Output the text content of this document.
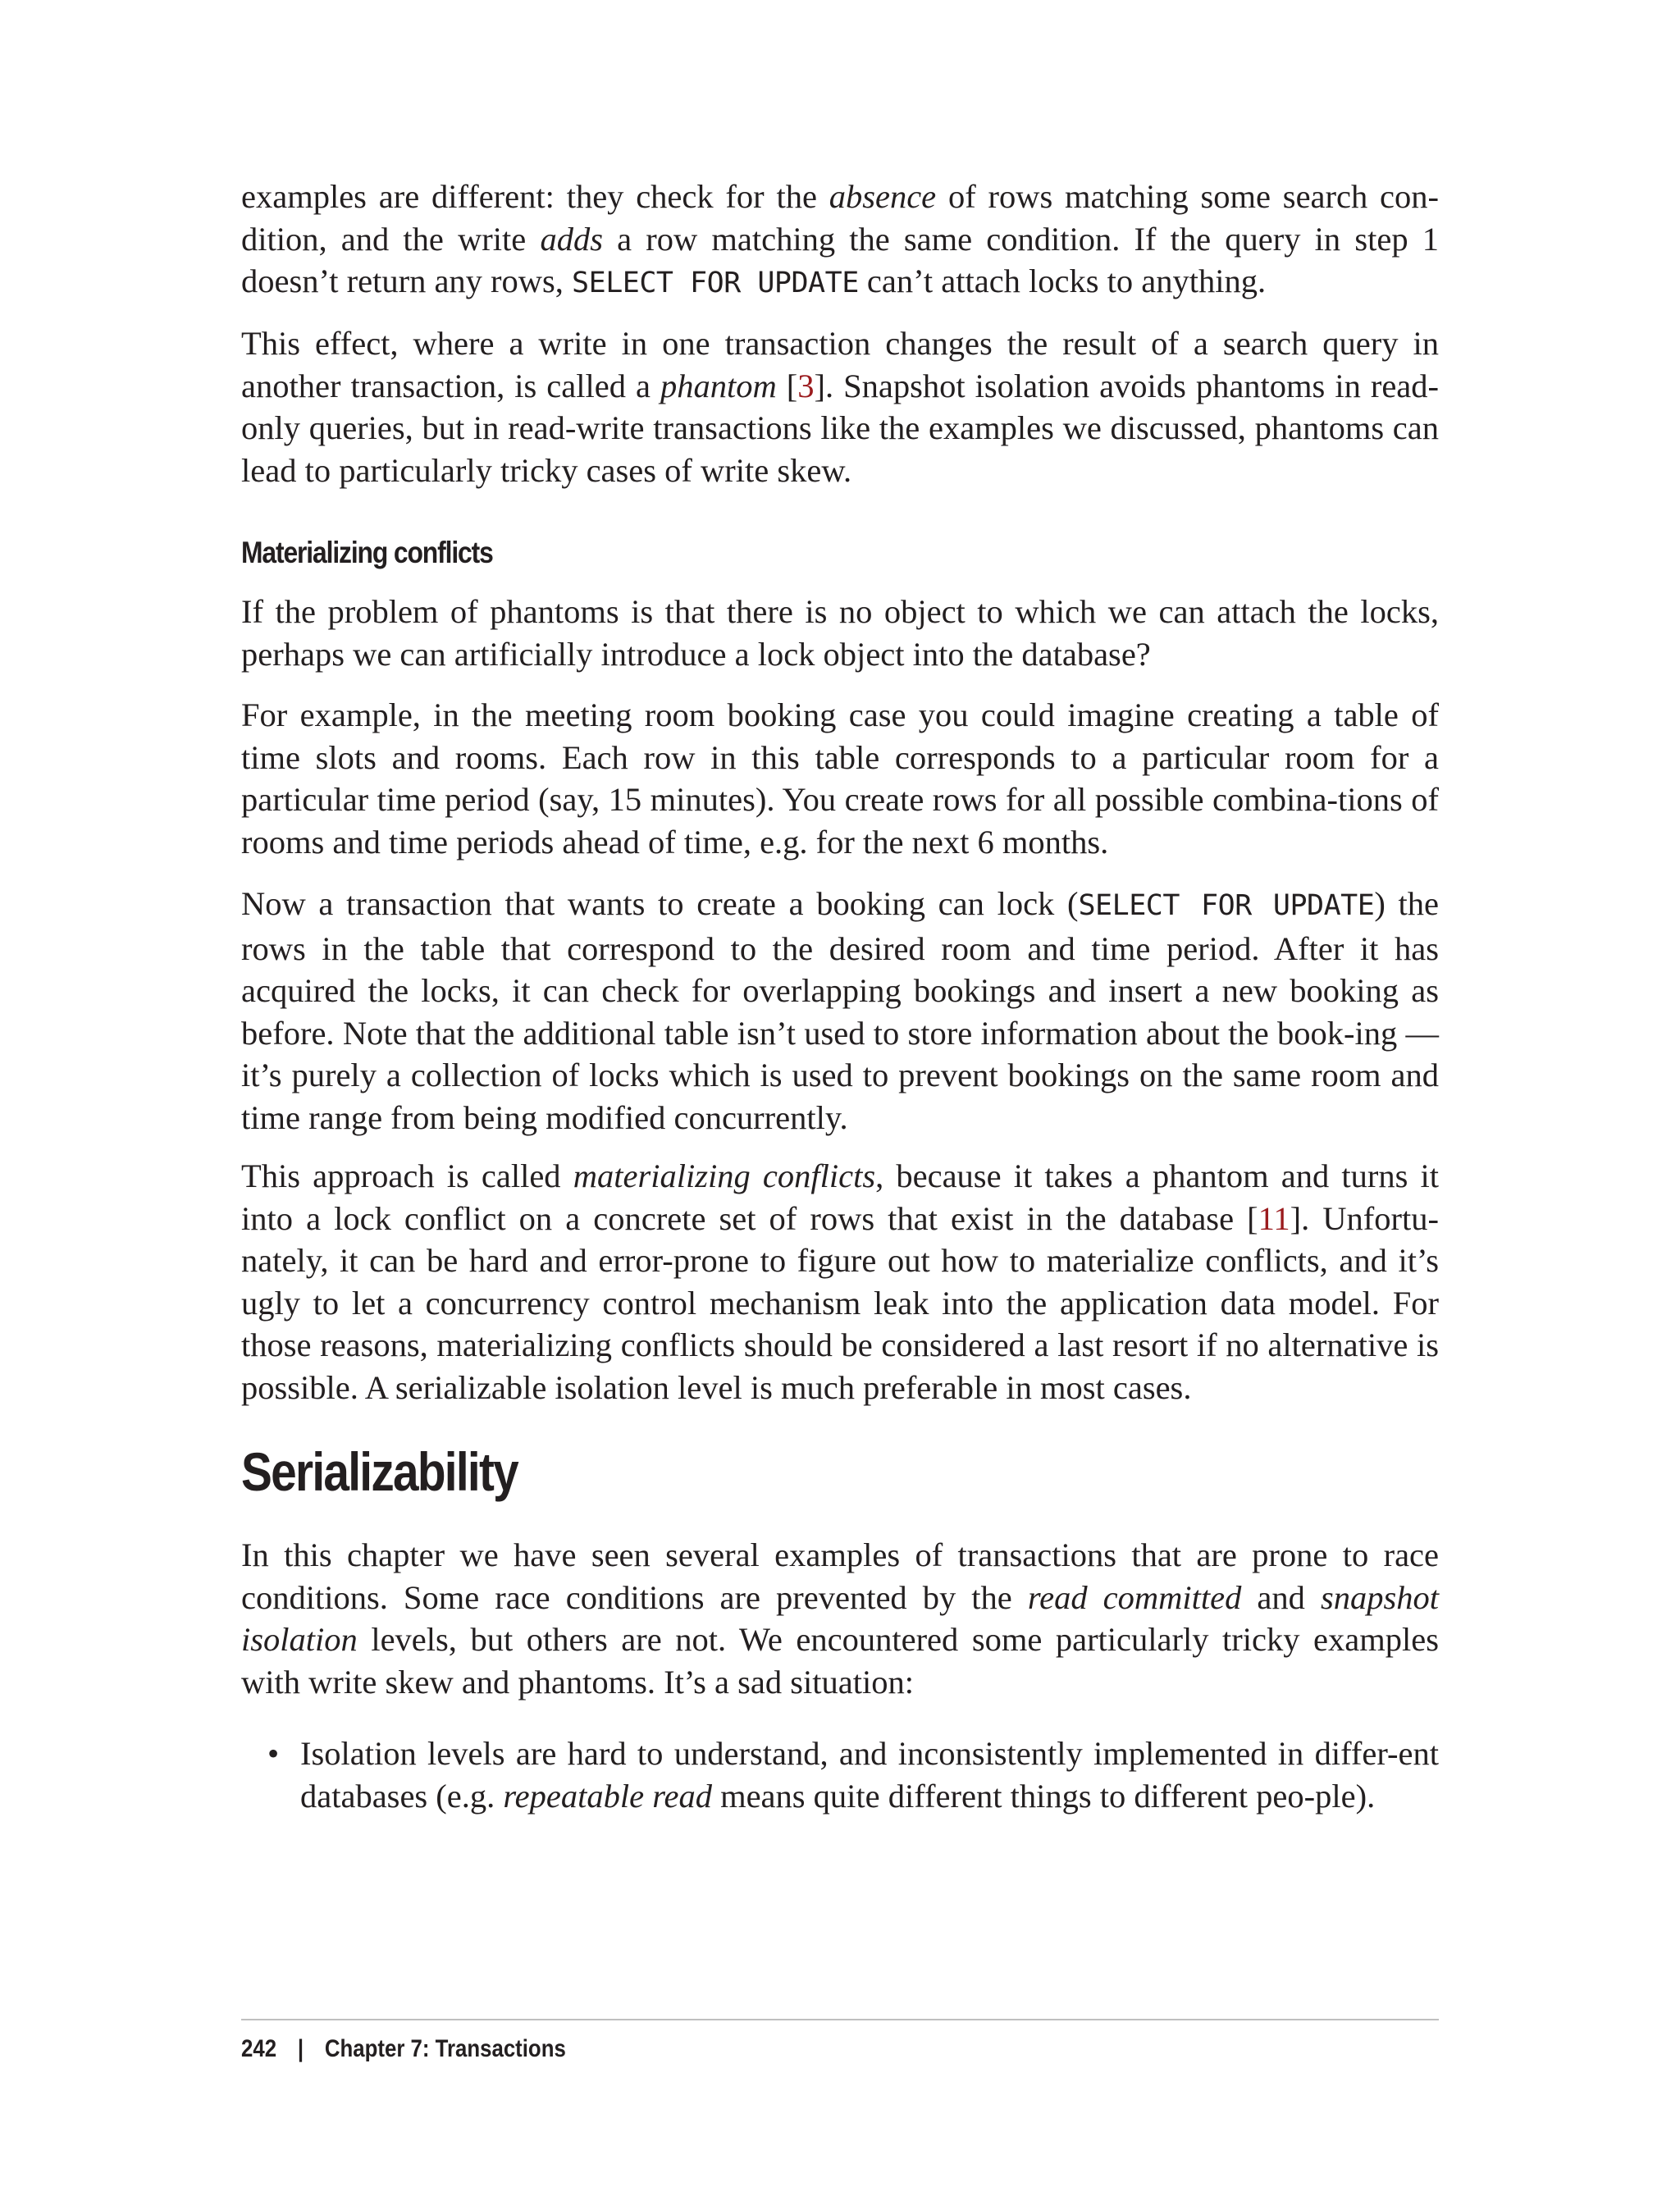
examples are different: they check for the absence of rows matching some search con-dition, and the write adds a row matching the same condition. If the query in step 1 doesn’t return any rows, SELECT FOR UPDATE can’t attach locks to anything.

This effect, where a write in one transaction changes the result of a search query in another transaction, is called a phantom [3]. Snapshot isolation avoids phantoms in read-only queries, but in read-write transactions like the examples we discussed, phantoms can lead to particularly tricky cases of write skew.

Materializing conflicts

If the problem of phantoms is that there is no object to which we can attach the locks, perhaps we can artificially introduce a lock object into the database?

For example, in the meeting room booking case you could imagine creating a table of time slots and rooms. Each row in this table corresponds to a particular room for a particular time period (say, 15 minutes). You create rows for all possible combina-tions of rooms and time periods ahead of time, e.g. for the next 6 months.

Now a transaction that wants to create a booking can lock (SELECT FOR UPDATE) the rows in the table that correspond to the desired room and time period. After it has acquired the locks, it can check for overlapping bookings and insert a new booking as before. Note that the additional table isn’t used to store information about the book-ing — it’s purely a collection of locks which is used to prevent bookings on the same room and time range from being modified concurrently.

This approach is called materializing conflicts, because it takes a phantom and turns it into a lock conflict on a concrete set of rows that exist in the database [11]. Unfortu-nately, it can be hard and error-prone to figure out how to materialize conflicts, and it’s ugly to let a concurrency control mechanism leak into the application data model. For those reasons, materializing conflicts should be considered a last resort if no alternative is possible. A serializable isolation level is much preferable in most cases.

Serializability

In this chapter we have seen several examples of transactions that are prone to race conditions. Some race conditions are prevented by the read committed and snapshot isolation levels, but others are not. We encountered some particularly tricky examples with write skew and phantoms. It’s a sad situation:

• Isolation levels are hard to understand, and inconsistently implemented in differ-ent databases (e.g. repeatable read means quite different things to different peo-ple).
242 | Chapter 7: Transactions
